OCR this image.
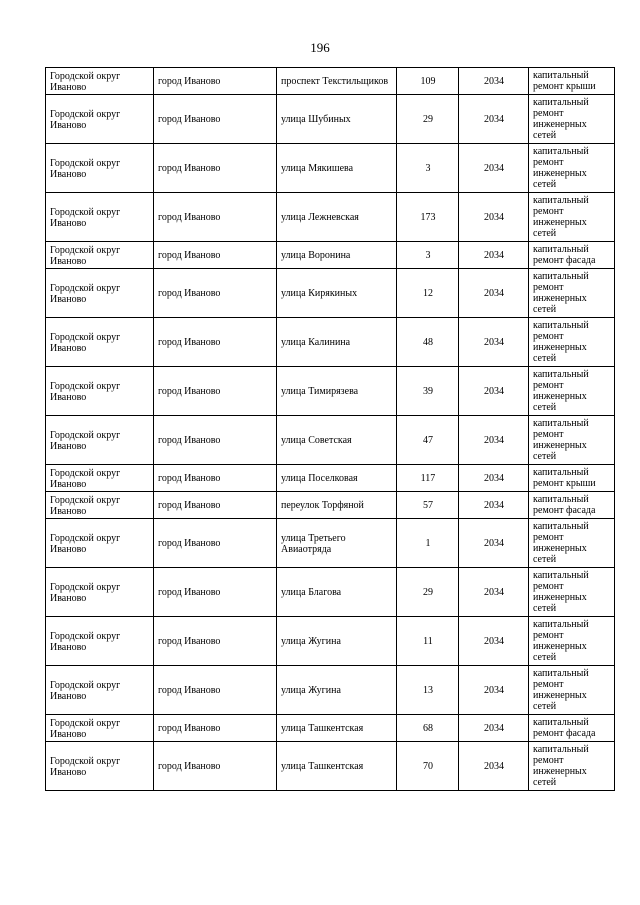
196
Городской округ Иваново	город Иваново	проспект Текстильщиков	109	2034	капитальный ремонт крыши
Городской округ Иваново	город Иваново	улица Шубиных	29	2034	капитальный ремонт инженерных сетей
Городской округ Иваново	город Иваново	улица Мякишева	3	2034	капитальный ремонт инженерных сетей
Городской округ Иваново	город Иваново	улица Лежневская	173	2034	капитальный ремонт инженерных сетей
Городской округ Иваново	город Иваново	улица Воронина	3	2034	капитальный ремонт фасада
Городской округ Иваново	город Иваново	улица Кирякиных	12	2034	капитальный ремонт инженерных сетей
Городской округ Иваново	город Иваново	улица Калинина	48	2034	капитальный ремонт инженерных сетей
Городской округ Иваново	город Иваново	улица Тимирязева	39	2034	капитальный ремонт инженерных сетей
Городской округ Иваново	город Иваново	улица Советская	47	2034	капитальный ремонт инженерных сетей
Городской округ Иваново	город Иваново	улица Поселковая	117	2034	капитальный ремонт крыши
Городской округ Иваново	город Иваново	переулок Торфяной	57	2034	капитальный ремонт фасада
Городской округ Иваново	город Иваново	улица Третьего Авиаотряда	1	2034	капитальный ремонт инженерных сетей
Городской округ Иваново	город Иваново	улица Благова	29	2034	капитальный ремонт инженерных сетей
Городской округ Иваново	город Иваново	улица Жугина	11	2034	капитальный ремонт инженерных сетей
Городской округ Иваново	город Иваново	улица Жугина	13	2034	капитальный ремонт инженерных сетей
Городской округ Иваново	город Иваново	улица Ташкентская	68	2034	капитальный ремонт фасада
Городской округ Иваново	город Иваново	улица Ташкентская	70	2034	капитальный ремонт инженерных сетей
